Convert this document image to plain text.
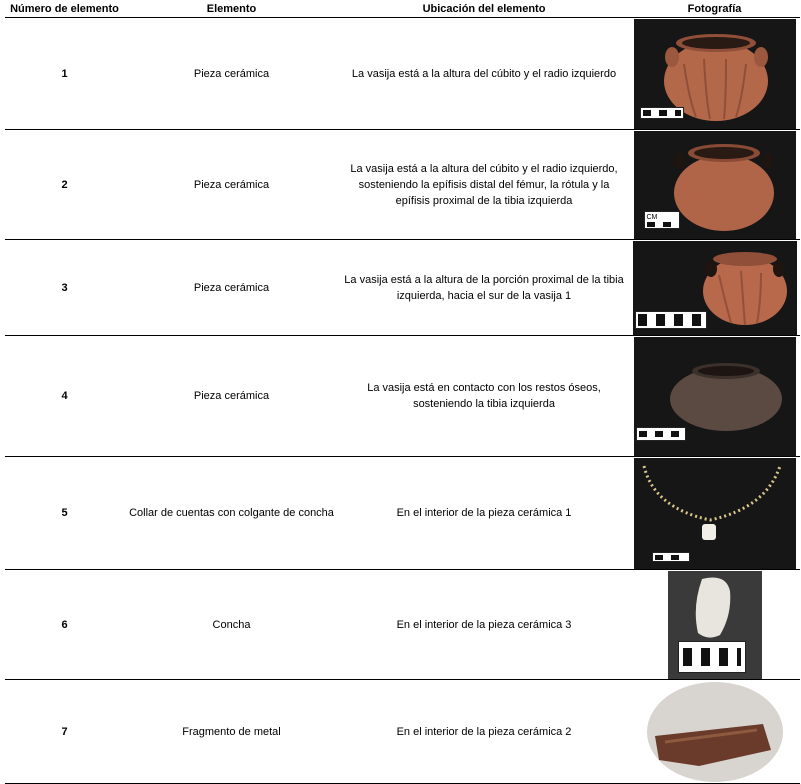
Número de elemento	Elemento	Ubicación del elemento	Fotografía
1	Pieza cerámica	La vasija está a la altura del cúbito y el radio izquierdo	

2	Pieza cerámica	La vasija está a la altura del cúbito y el radio izquierdo, sosteniendo la epífisis distal del fémur, la rótula y la epífisis proximal de la tibia izquierda	CM

3	Pieza cerámica	La vasija está a la altura de la porción proximal de la tibia izquierda, hacia el sur de la vasija 1	

4	Pieza cerámica	La vasija está en contacto con los restos óseos, sosteniendo la tibia izquierda	

5	Collar de cuentas con colgante de concha	En el interior de la pieza cerámica 1	

6	Concha	En el interior de la pieza cerámica 3	

7	Fragmento de metal	En el interior de la pieza cerámica 2	
